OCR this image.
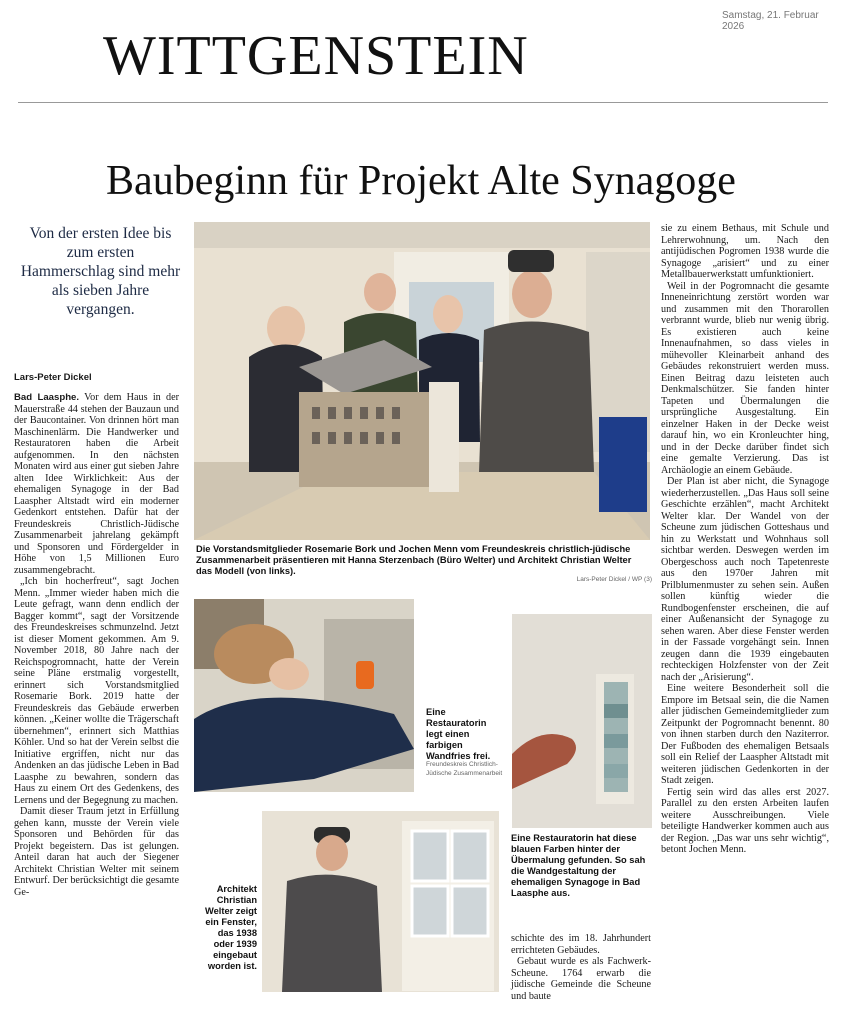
Samstag, 21. Februar 2026
WITTGENSTEIN
Baubeginn für Projekt Alte Synagoge
Von der ersten Idee bis zum ersten Hammerschlag sind mehr als sieben Jahre vergangen.
Lars-Peter Dickel

Bad Laasphe. Vor dem Haus in der Mauerstraße 44 stehen der Bauzaun und der Baucontainer. Von drinnen hört man Maschinenlärm. Die Handwerker und Restauratoren haben die Arbeit aufgenommen. In den nächsten Monaten wird aus einer gut sieben Jahre alten Idee Wirklichkeit: Aus der ehemaligen Synagoge in der Bad Laaspher Altstadt wird ein moderner Gedenkort entstehen. Dafür hat der Freundeskreis Christlich-Jüdische Zusammenarbeit jahrelang gekämpft und Sponsoren und Fördergelder in Höhe von 1,5 Millionen Euro zusammengebracht.

„Ich bin hocherfreut“, sagt Jochen Menn. „Immer wieder haben mich die Leute gefragt, wann denn endlich der Bagger kommt“, sagt der Vorsitzende des Freundeskreises schmunzelnd. Jetzt ist dieser Moment gekommen. Am 9. November 2018, 80 Jahre nach der Reichspogromnacht, hatte der Verein seine Pläne erstmalig vorgestellt, erinnert sich Vorstandsmitglied Rosemarie Bork. 2019 hatte der Freundeskreis das Gebäude erwerben können. „Keiner wollte die Trägerschaft übernehmen“, erinnert sich Matthias Köhler. Und so hat der Verein selbst die Initiative ergriffen, nicht nur das Andenken an das jüdische Leben in Bad Laasphe zu bewahren, sondern das Haus zu einem Ort des Gedenkens, des Lernens und der Begegnung zu machen.

Damit dieser Traum jetzt in Erfüllung gehen kann, musste der Verein viele Sponsoren und Behörden für das Projekt begeistern. Das ist gelungen. Anteil daran hat auch der Siegener Architekt Christian Welter mit seinem Entwurf. Der berücksichtigt die gesamte Ge-

Die Vorstandsmitglieder Rosemarie Bork und Jochen Menn vom Freundeskreis christlich-jüdische Zusammenarbeit präsentieren mit Hanna Sterzenbach (Büro Welter) und Architekt Christian Welter das Modell (von links).
Lars-Peter Dickel / WP (3)
Eine Restauratorin legt einen farbigen Wandfries frei.
Freundeskreis Christlich-Jüdische Zusammenarbeit
Eine Restauratorin hat diese blauen Farben hinter der Übermalung gefunden. So sah die Wandgestaltung der ehemaligen Synagoge in Bad Laasphe aus.
Architekt Christian Welter zeigt ein Fenster, das 1938 oder 1939 eingebaut worden ist.

schichte des im 18. Jahrhundert errichteten Gebäudes.

Gebaut wurde es als Fachwerk-Scheune. 1764 erwarb die jüdische Gemeinde die Scheune und baute

sie zu einem Bethaus, mit Schule und Lehrerwohnung, um. Nach den antijüdischen Pogromen 1938 wurde die Synagoge „arisiert“ und zu einer Metallbauerwerkstatt umfunktioniert.

Weil in der Pogromnacht die gesamte Inneneinrichtung zerstört worden war und zusammen mit den Thorarollen verbrannt wurde, blieb nur wenig übrig. Es existieren auch keine Innenaufnahmen, so dass vieles in mühevoller Kleinarbeit anhand des Gebäudes rekonstruiert werden muss. Einen Beitrag dazu leisteten auch Denkmalschützer. Sie fanden hinter Tapeten und Übermalungen die ursprüngliche Ausgestaltung. Ein einzelner Haken in der Decke weist darauf hin, wo ein Kronleuchter hing, und in der Decke darüber findet sich eine gemalte Verzierung. Das ist Archäologie an einem Gebäude.

Der Plan ist aber nicht, die Synagoge wiederherzustellen. „Das Haus soll seine Geschichte erzählen“, macht Architekt Welter klar. Der Wandel von der Scheune zum jüdischen Gotteshaus und hin zu Werkstatt und Wohnhaus soll sichtbar werden. Deswegen werden im Obergeschoss auch noch Tapetenreste aus den 1970er Jahren mit Prilblumenmuster zu sehen sein. Außen sollen künftig wieder die Rundbogenfenster erscheinen, die auf einer Außenansicht der Synagoge zu sehen waren. Aber diese Fenster werden in der Fassade vorgehängt sein. Innen zeugen dann die 1939 eingebauten rechteckigen Holzfenster von der Zeit nach der „Arisierung“.

Eine weitere Besonderheit soll die Empore im Betsaal sein, die die Namen aller jüdischen Gemeindemitglieder zum Zeitpunkt der Pogromnacht benennt. 80 von ihnen starben durch den Naziterror. Der Fußboden des ehemaligen Betsaals soll ein Relief der Laaspher Altstadt mit weiteren jüdischen Gedenkorten in der Stadt zeigen.

Fertig sein wird das alles erst 2027. Parallel zu den ersten Arbeiten laufen weitere Ausschreibungen. Viele beteiligte Handwerker kommen auch aus der Region. „Das war uns sehr wichtig“, betont Jochen Menn.
